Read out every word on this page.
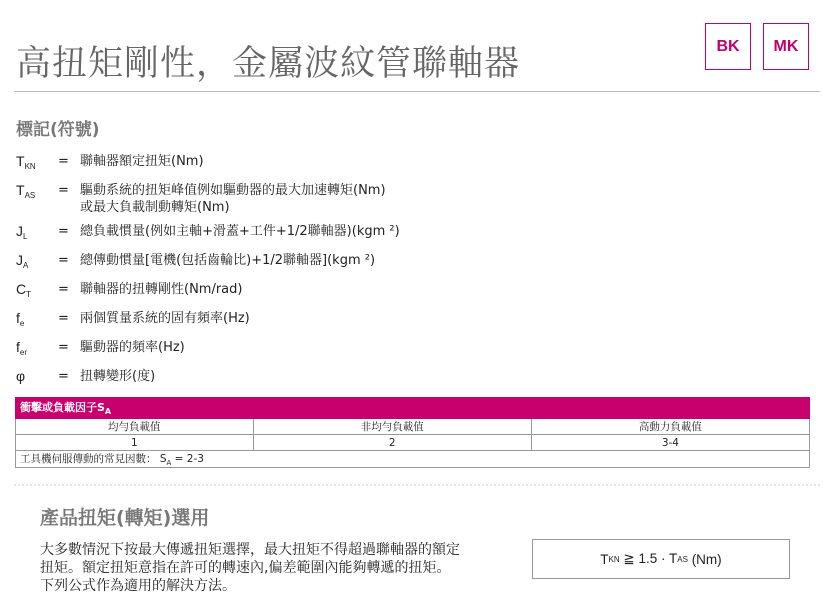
高扭矩剛性，金屬波紋管聯軸器	BK	MK
標記(符號)
$T_{KN}$	= 聯軸器額定扭矩(Nm)
$T_{AS}$	= 驅動系統的扭矩峰值例如驅動器的最大加速轉矩(Nm)
或最大負載制動轉矩(Nm)
$J_L$	= 總負載慣量(例如主軸+滑蓋+工件+1/2聯軸器)(kgm ²)
$J_A$	= 總傳動慣量[電機(包括齒輪比)+1/2聯軸器](kgm ²)
$C_T$	= 聯軸器的扭轉剛性(Nm/rad)
$f_e$	= 兩個質量系統的固有頻率(Hz)
$f_{er}$	= 驅動器的頻率(Hz)
φ	= 扭轉變形(度)
衝擊或負載因子$S_A$
均勻負載值	非均勻負載值	高動力負載值
1	2	3-4
工具機伺服傳動的常見因數： $S_A = 2-3$		
產品扭矩(轉矩)選用

大多數情況下按最大傳遞扭矩選擇，最大扭矩不得超過聯軸器的額定扭矩。額定扭矩意指在許可的轉速內,偏差範圍內能夠轉遞的扭矩。下列公式作為適用的解決方法。

T KN ≧ 1.5 · T AS (Nm)
